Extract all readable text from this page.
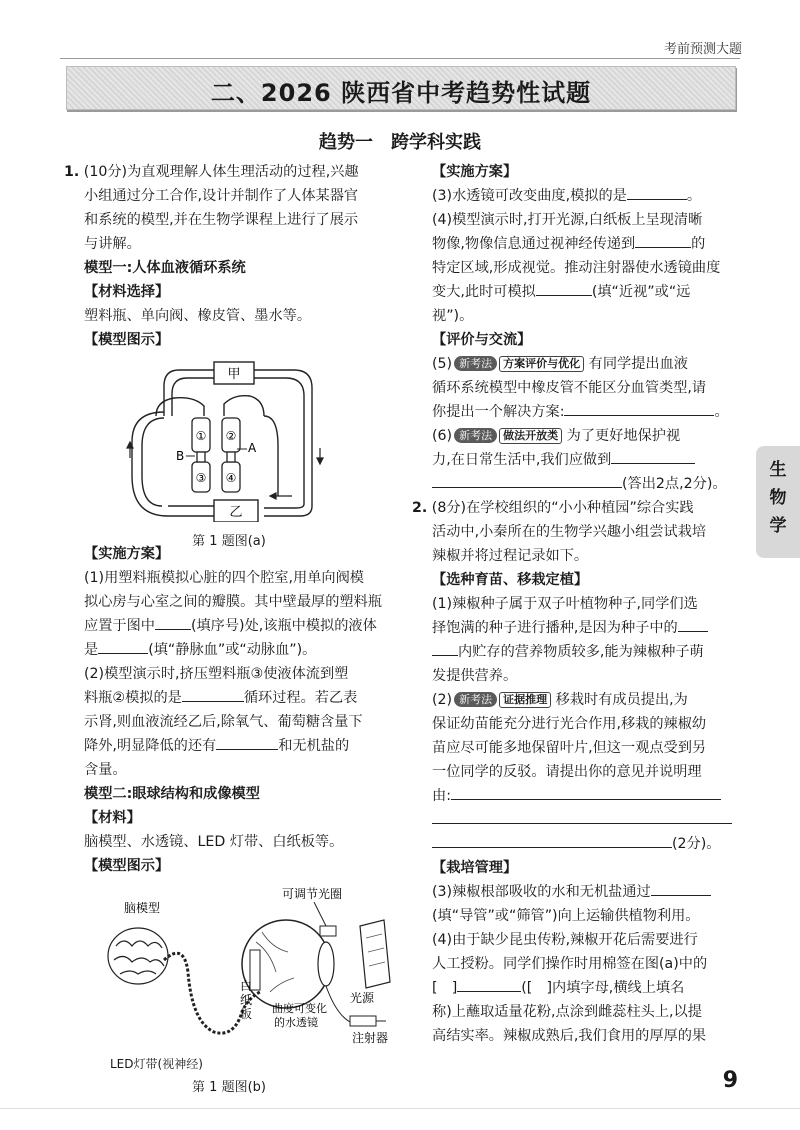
考前预测大题
二、2026 陕西省中考趋势性试题
趋势一　跨学科实践

1. (10分)为直观理解人体生理活动的过程,兴趣

小组通过分工合作,设计并制作了人体某器官

和系统的模型,并在生物学课程上进行了展示

与讲解。

模型一:人体血液循环系统

【材料选择】

塑料瓶、单向阀、橡皮管、墨水等。

【模型图示】

甲
乙
① ②
③ ④
B
A
第 1 题图(a)

【实施方案】

(1)用塑料瓶模拟心脏的四个腔室,用单向阀模

拟心房与心室之间的瓣膜。其中壁最厚的塑料瓶

应置于图中	(填序号)处,该瓶中模拟的液体

是	(填“静脉血”或“动脉血”)。

(2)模型演示时,挤压塑料瓶③使液体流到塑

料瓶②模拟的是	循环过程。若乙表

示肾,则血液流经乙后,除氧气、葡萄糖含量下

降外,明显降低的还有	和无机盐的

含量。

模型二:眼球结构和成像模型

【材料】

脑模型、水透镜、LED 灯带、白纸板等。

【模型图示】

脑模型
可调节光圈
白
纸
板
光源
曲度可变化
的水透镜
注射器
LED灯带(视神经)
第 1 题图(b)

【实施方案】

(3)水透镜可改变曲度,模拟的是	。

(4)模型演示时,打开光源,白纸板上呈现清晰

物像,物像信息通过视神经传递到	的

特定区域,形成视觉。推动注射器使水透镜曲度

变大,此时可模拟	(填“近视”或“远

视”)。

【评价与交流】

(5) 新考法 方案评价与优化 有同学提出血液

循环系统模型中橡皮管不能区分血管类型,请

你提出一个解决方案:	。

(6) 新考法 做法开放类 为了更好地保护视

力,在日常生活中,我们应做到

(答出2点,2分)。

2. (8分)在学校组织的“小小种植园”综合实践

活动中,小秦所在的生物学兴趣小组尝试栽培

辣椒并将过程记录如下。

【选种育苗、移栽定植】

(1)辣椒种子属于双子叶植物种子,同学们选

择饱满的种子进行播种,是因为种子中的

内贮存的营养物质较多,能为辣椒种子萌

发提供营养。

(2) 新考法 证据推理 移栽时有成员提出,为

保证幼苗能充分进行光合作用,移栽的辣椒幼

苗应尽可能多地保留叶片,但这一观点受到另

一位同学的反驳。请提出你的意见并说明理

由:

(2分)。

【栽培管理】

(3)辣椒根部吸收的水和无机盐通过

(填“导管”或“筛管”)向上运输供植物利用。

(4)由于缺少昆虫传粉,辣椒开花后需要进行

人工授粉。同学们操作时用棉签在图(a)中的

[　]	([　]内填字母,横线上填名

称)上蘸取适量花粉,点涂到雌蕊柱头上,以提

高结实率。辣椒成熟后,我们食用的厚厚的果

生
物
学
9
